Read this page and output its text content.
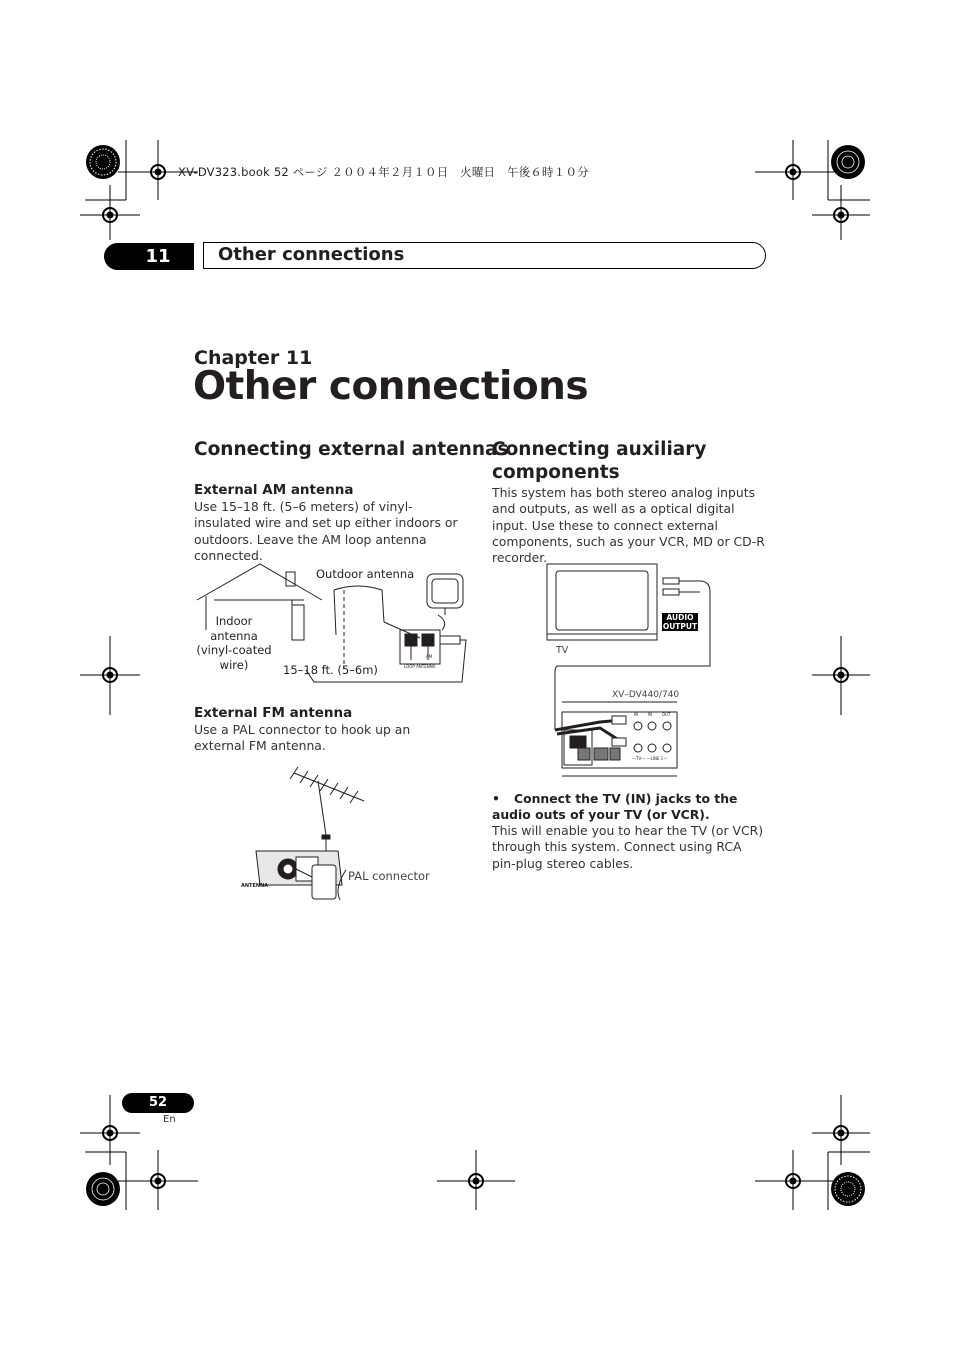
XV-DV323.book 52 ページ ２００４年２月１０日　火曜日　午後６時１０分
11	Other connections
Chapter 11
Other connections
Connecting external antennas
External AM antenna
Use 15–18 ft. (5–6 meters) of vinyl-insulated wire and set up either indoors or outdoors. Leave the AM loop antenna connected.
LOOP ANTENNA
AM
Outdoor antenna
Indoor
antenna
(vinyl-coated
wire)	15–18 ft. (5–6m)
External FM antenna
Use a PAL connector to hook up an external FM antenna.
ANTENNA
PAL connector
Connecting auxiliary
components
This system has both stereo analog inputs and outputs, as well as a optical digital input. Use these to connect external components, such as your VCR, MD or CD-R recorder.
IN IN OUT
—TV— —LINE 1—
AUDIO
OUTPUT
TV
XV–DV440/740
• Connect the TV (IN) jacks to the audio outs of your TV (or VCR).
This will enable you to hear the TV (or VCR) through this system. Connect using RCA pin-plug stereo cables.
52
En
